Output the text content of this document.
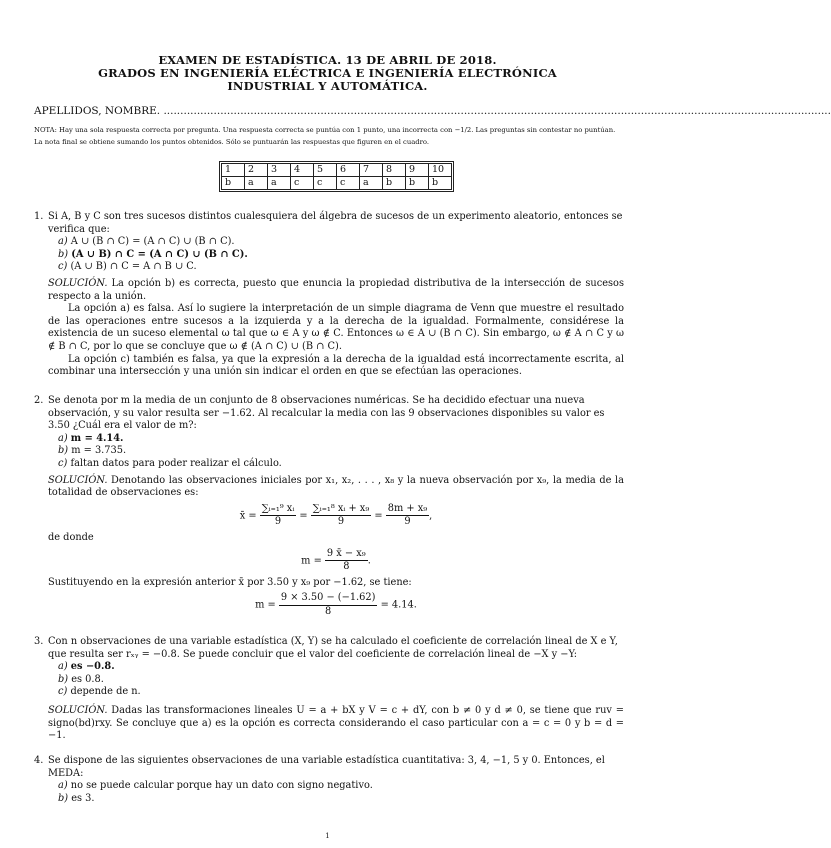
EXAMEN DE ESTADÍSTICA. 13 DE ABRIL DE 2018.
GRADOS EN INGENIERÍA ELÉCTRICA E INGENIERÍA ELECTRÓNICA
INDUSTRIAL Y AUTOMÁTICA.
APELLIDOS, NOMBRE. ........................................................................................................................................................................................................
NOTA: Hay una sola respuesta correcta por pregunta. Una respuesta correcta se puntúa con 1 punto, una incorrecta con −1/2. Las preguntas sin contestar no puntúan. La nota final se obtiene sumando los puntos obtenidos. Sólo se puntuarán las respuestas que figuren en el cuadro.
1	2	3	4	5	6	7	8	9	10
b	a	a	c	c	c	a	b	b	b
1. Si A, B y C son tres sucesos distintos cualesquiera del álgebra de sucesos de un experimento aleatorio, entonces se verifica que:
a) A ∪ (B ∩ C) = (A ∩ C) ∪ (B ∩ C).
b) (A ∪ B) ∩ C = (A ∩ C) ∪ (B ∩ C).
c) (A ∪ B) ∩ C = A ∩ B ∪ C.
SOLUCIÓN. La opción b) es correcta, puesto que enuncia la propiedad distributiva de la intersección de sucesos respecto a la unión.
La opción a) es falsa. Así lo sugiere la interpretación de un simple diagrama de Venn que muestre el resultado de las operaciones entre sucesos a la izquierda y a la derecha de la igualdad. Formalmente, considérese la existencia de un suceso elemental ω tal que ω ∈ A y ω ∉ C. Entonces ω ∈ A ∪ (B ∩ C). Sin embargo, ω ∉ A ∩ C y ω ∉ B ∩ C, por lo que se concluye que ω ∉ (A ∩ C) ∪ (B ∩ C).
La opción c) también es falsa, ya que la expresión a la derecha de la igualdad está incorrectamente escrita, al combinar una intersección y una unión sin indicar el orden en que se efectúan las operaciones.
2. Se denota por m la media de un conjunto de 8 observaciones numéricas. Se ha decidido efectuar una nueva observación, y su valor resulta ser −1.62. Al recalcular la media con las 9 observaciones disponibles su valor es 3.50 ¿Cuál era el valor de m?:
a) m = 4.14.
b) m = 3.735.
c) faltan datos para poder realizar el cálculo.
SOLUCIÓN. Denotando las observaciones iniciales por x₁, x₂, . . . , x₈ y la nueva observación por x₉, la media de la totalidad de observaciones es:
x̄ = $\frac{\text{∑ᵢ₌₁⁹ xᵢ}}{9} = \frac{\text{∑ᵢ₌₁⁸ xᵢ + x₉}}{9} = \frac{\text{8m + x₉}}{9}$ ,
de donde
$m = \frac{\text{9 x̄ − x₉}}{8}$ .
Sustituyendo en la expresión anterior x̄ por 3.50 y x₉ por −1.62, se tiene:
$m = \frac{9 \times 3.50 - (-1.62)}{8} = 4.14$.
3. Con n observaciones de una variable estadística (X, Y) se ha calculado el coeficiente de correlación lineal de X e Y, que resulta ser rₓᵧ = −0.8. Se puede concluir que el valor del coeficiente de correlación lineal de −X y −Y:
a) es −0.8.
b) es 0.8.
c) depende de n.
SOLUCIÓN. Dadas las transformaciones lineales U = a + bX y V = c + dY, con b ≠ 0 y d ≠ 0, se tiene que ruv = signo(bd)rxy. Se concluye que a) es la opción es correcta considerando el caso particular con a = c = 0 y b = d = −1.
4. Se dispone de las siguientes observaciones de una variable estadística cuantitativa: 3, 4, −1, 5 y 0. Entonces, el MEDA:
a) no se puede calcular porque hay un dato con signo negativo.
b) es 3.
1
